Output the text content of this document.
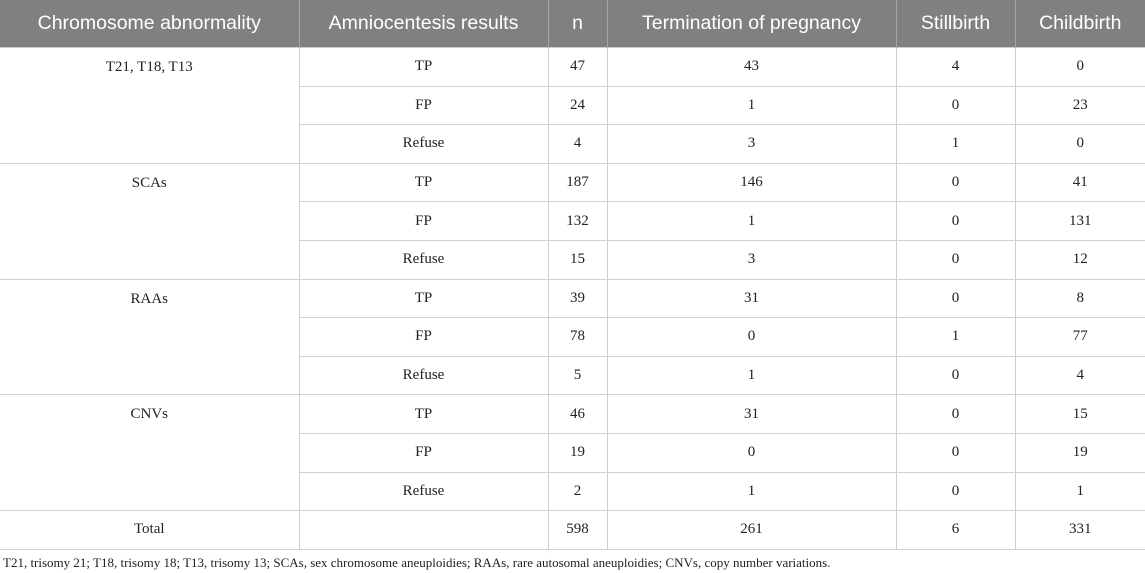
Chromosome abnormality	Amniocentesis results	n	Termination of pregnancy	Stillbirth	Childbirth
T21, T18, T13	TP	47	43	4	0
	FP	24	1	0	23
	Refuse	4	3	1	0
SCAs	TP	187	146	0	41
	FP	132	1	0	131
	Refuse	15	3	0	12
RAAs	TP	39	31	0	8
	FP	78	0	1	77
	Refuse	5	1	0	4
CNVs	TP	46	31	0	15
	FP	19	0	0	19
	Refuse	2	1	0	1
Total		598	261	6	331
T21, trisomy 21; T18, trisomy 18; T13, trisomy 13; SCAs, sex chromosome aneuploidies; RAAs, rare autosomal aneuploidies; CNVs, copy number variations.
